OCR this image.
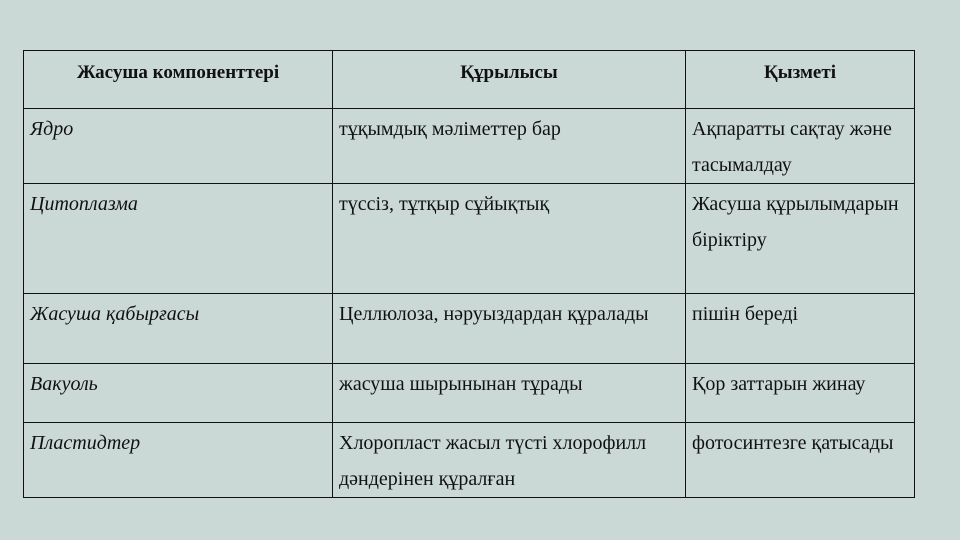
Жасуша компоненттері	Құрылысы	Қызметі
Ядро	тұқымдық мәліметтер бар	Ақпаратты сақтау және тасымалдау
Цитоплазма	түссіз, тұтқыр сұйықтық	Жасуша құрылымдарын біріктіру
Жасуша қабырғасы	Целлюлоза, нәруыздардан құралады	пішін береді
Вакуоль	жасуша шырынынан тұрады	Қор заттарын жинау
Пластидтер	Хлоропласт жасыл түсті хлорофилл дәндерінен құралған	фотосинтезге қатысады
